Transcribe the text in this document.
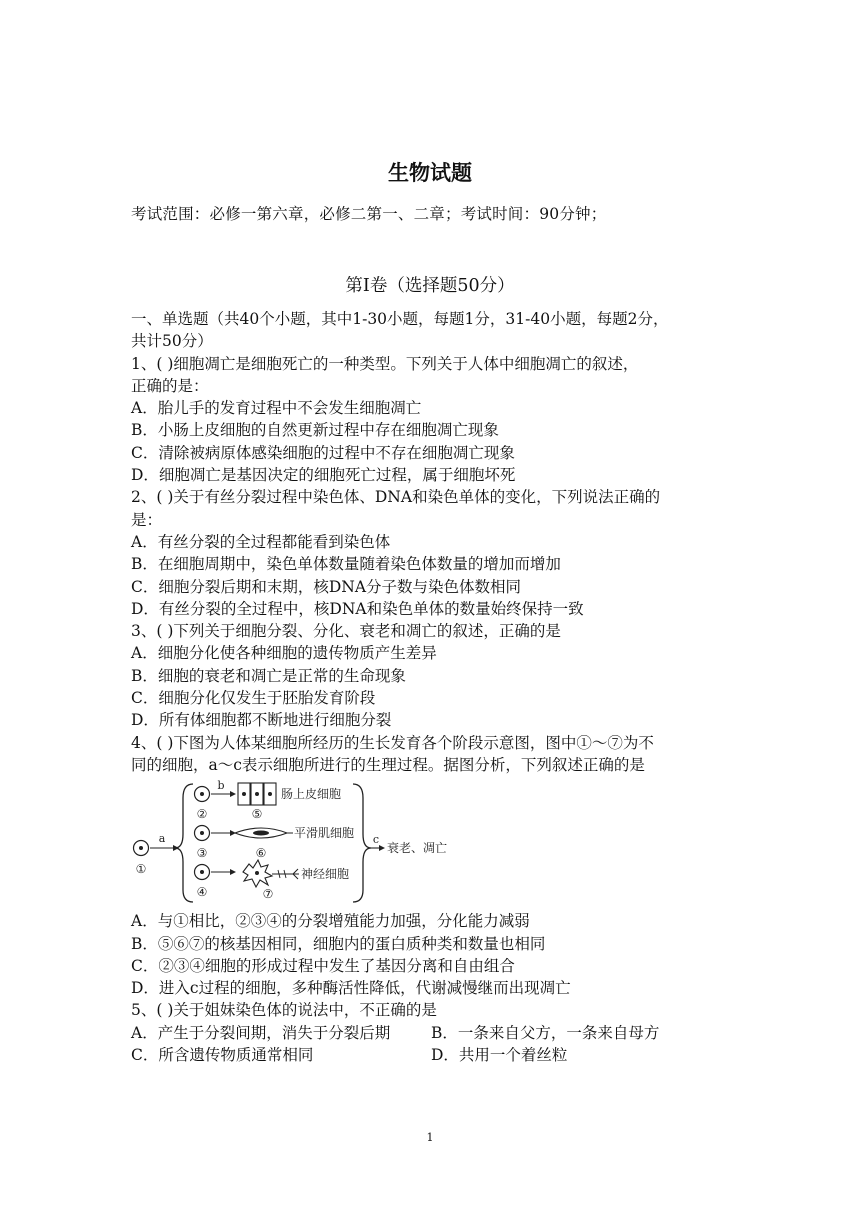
生物试题
考试范围：必修一第六章，必修二第一、二章；考试时间：90分钟；
第Ⅰ卷（选择题50分）
一、单选题（共40个小题，其中1-30小题，每题1分，31-40小题，每题2分，
共计50分）
1、( )细胞凋亡是细胞死亡的一种类型。下列关于人体中细胞凋亡的叙述，
正确的是：
A．胎儿手的发育过程中不会发生细胞凋亡
B．小肠上皮细胞的自然更新过程中存在细胞凋亡现象
C．清除被病原体感染细胞的过程中不存在细胞凋亡现象
D．细胞凋亡是基因决定的细胞死亡过程，属于细胞坏死
2、( )关于有丝分裂过程中染色体、DNA和染色单体的变化，下列说法正确的
是：
A．有丝分裂的全过程都能看到染色体
B．在细胞周期中，染色单体数量随着染色体数量的增加而增加
C．细胞分裂后期和末期，核DNA分子数与染色体数相同
D．有丝分裂的全过程中，核DNA和染色单体的数量始终保持一致
3、( )下列关于细胞分裂、分化、衰老和凋亡的叙述，正确的是
A．细胞分化使各种细胞的遗传物质产生差异
B．细胞的衰老和凋亡是正常的生命现象
C．细胞分化仅发生于胚胎发育阶段
D．所有体细胞都不断地进行细胞分裂
4、( )下图为人体某细胞所经历的生长发育各个阶段示意图，图中①～⑦为不
同的细胞，a～c表示细胞所进行的生理过程。据图分析，下列叙述正确的是
①
a
②
b
肠上皮细胞
⑤
③
平滑肌细胞
⑥
④
神经细胞
⑦
c
衰老、凋亡
A．与①相比，②③④的分裂增殖能力加强，分化能力减弱
B．⑤⑥⑦的核基因相同，细胞内的蛋白质种类和数量也相同
C．②③④细胞的形成过程中发生了基因分离和自由组合
D．进入c过程的细胞，多种酶活性降低，代谢减慢继而出现凋亡
5、( )关于姐妹染色体的说法中，不正确的是
A．产生于分裂间期，消失于分裂后期	B．一条来自父方，一条来自母方
C．所含遗传物质通常相同	D．共用一个着丝粒
1
